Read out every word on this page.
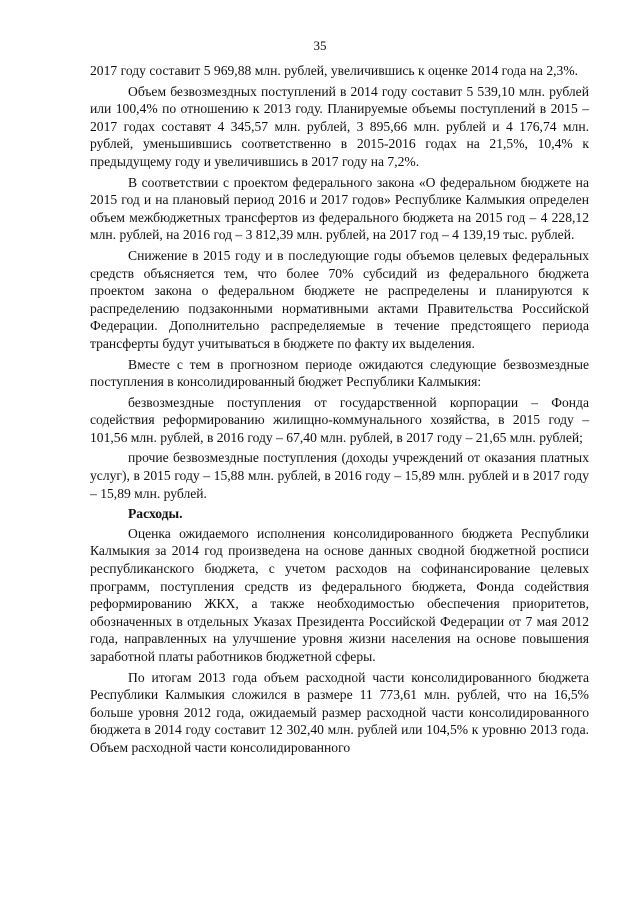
35

2017 году составит 5 969,88 млн. рублей, увеличившись к оценке 2014 года на 2,3%.

Объем безвозмездных поступлений в 2014 году составит 5 539,10 млн. рублей или 100,4% по отношению к 2013 году. Планируемые объемы поступлений в 2015 – 2017 годах составят 4 345,57 млн. рублей, 3 895,66 млн. рублей и 4 176,74 млн. рублей, уменьшившись соответственно в 2015-2016 годах на 21,5%, 10,4% к предыдущему году и увеличившись в 2017 году на 7,2%.

В соответствии с проектом федерального закона «О федеральном бюджете на 2015 год и на плановый период 2016 и 2017 годов» Республике Калмыкия определен объем межбюджетных трансфертов из федерального бюджета на 2015 год – 4 228,12 млн. рублей, на 2016 год – 3 812,39 млн. рублей, на 2017 год – 4 139,19 тыс. рублей.

Снижение в 2015 году и в последующие годы объемов целевых федеральных средств объясняется тем, что более 70% субсидий из федерального бюджета проектом закона о федеральном бюджете не распределены и планируются к распределению подзаконными нормативными актами Правительства Российской Федерации. Дополнительно распределяемые в течение предстоящего периода трансферты будут учитываться в бюджете по факту их выделения.

Вместе с тем в прогнозном периоде ожидаются следующие безвозмездные поступления в консолидированный бюджет Республики Калмыкия:

безвозмездные поступления от государственной корпорации – Фонда содействия реформированию жилищно-коммунального хозяйства, в 2015 году – 101,56 млн. рублей, в 2016 году – 67,40 млн. рублей, в 2017 году – 21,65 млн. рублей;

прочие безвозмездные поступления (доходы учреждений от оказания платных услуг), в 2015 году – 15,88 млн. рублей, в 2016 году – 15,89 млн. рублей и в 2017 году – 15,89 млн. рублей.

Расходы.

Оценка ожидаемого исполнения консолидированного бюджета Республики Калмыкия за 2014 год произведена на основе данных сводной бюджетной росписи республиканского бюджета, с учетом расходов на софинансирование целевых программ, поступления средств из федерального бюджета, Фонда содействия реформированию ЖКХ, а также необходимостью обеспечения приоритетов, обозначенных в отдельных Указах Президента Российской Федерации от 7 мая 2012 года, направленных на улучшение уровня жизни населения на основе повышения заработной платы работников бюджетной сферы.

По итогам 2013 года объем расходной части консолидированного бюджета Республики Калмыкия сложился в размере 11 773,61 млн. рублей, что на 16,5% больше уровня 2012 года, ожидаемый размер расходной части консолидированного бюджета в 2014 году составит 12 302,40 млн. рублей или 104,5% к уровню 2013 года. Объем расходной части консолидированного
